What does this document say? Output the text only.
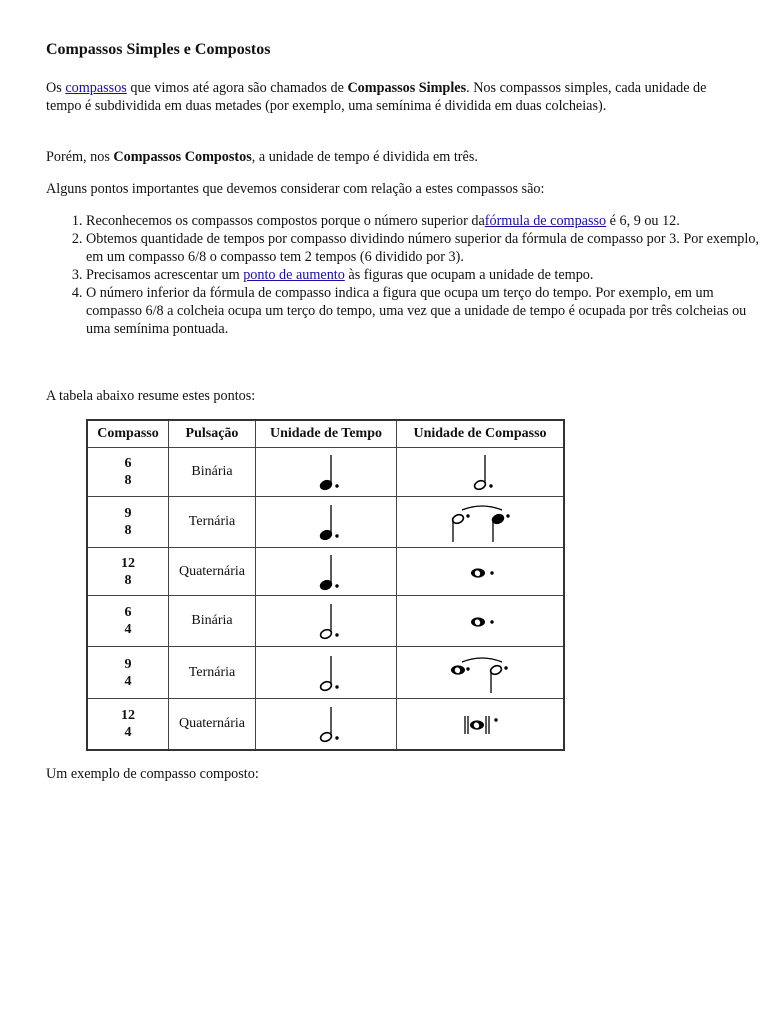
Compassos Simples e Compostos

Os compassos que vimos até agora são chamados de Compassos Simples. Nos compassos simples, cada unidade de tempo é subdividida em duas metades (por exemplo, uma semínima é dividida em duas colcheias).

Porém, nos Compassos Compostos, a unidade de tempo é dividida em três.

Alguns pontos importantes que devemos considerar com relação a estes compassos são:

1. Reconhecemos os compassos compostos porque o número superior dafórmula de compasso é 6, 9 ou 12.
2. Obtemos quantidade de tempos por compasso dividindo número superior da fórmula de compasso por 3. Por exemplo, em um compasso 6/8 o compasso tem 2 tempos (6 dividido por 3).
3. Precisamos acrescentar um ponto de aumento às figuras que ocupam a unidade de tempo.
4. O número inferior da fórmula de compasso indica a figura que ocupa um terço do tempo. Por exemplo, em um compasso 6/8 a colcheia ocupa um terço do tempo, uma vez que a unidade de tempo é ocupada por três colcheias ou uma semínima pontuada.

A tabela abaixo resume estes pontos:

Compasso	Pulsação	Unidade de Tempo	Unidade de Compasso

6
8	Binária	

9
8	Ternária	

12
8	Quaternária	

6
4	Binária	

9
4	Ternária	

12
4	Quaternária	

Um exemplo de compasso composto:
